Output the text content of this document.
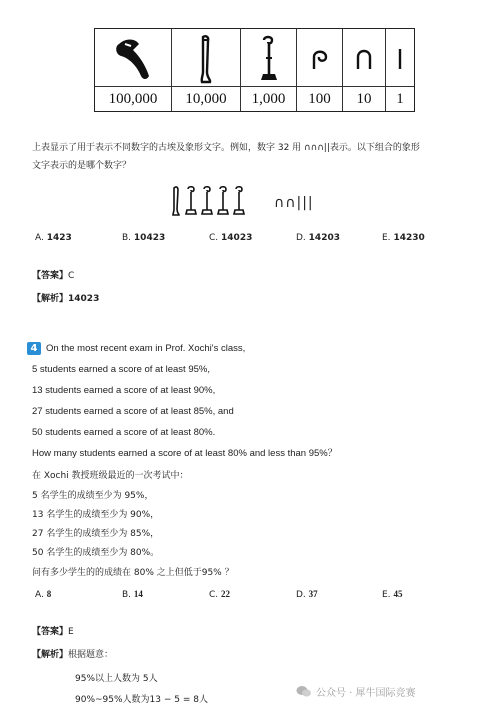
100,000	10,000	1,000	100	10	1
上表显示了用于表示不同数字的古埃及象形文字。例如，数字 32 用 ∩∩∩||表示。以下组合的象形
文字表示的是哪个数字？
∩∩|||
A. 1423	B. 10423	C. 14023	D. 14203	E. 14230
【答案】C
【解析】14023
4 On the most recent exam in Prof. Xochi's class,
5 students earned a score of at least 95%,
13 students earned a score of at least 90%,
27 students earned a score of at least 85%, and
50 students earned a score of at least 80%.
How many students earned a score of at least 80% and less than 95%？
在 Xochi 教授班级最近的一次考试中：
5 名学生的成绩至少为 95%，
13 名学生的成绩至少为 90%，
27 名学生的成绩至少为 85%，
50 名学生的成绩至少为 80%。
问有多少学生的的成绩在 80% 之上但低于95% ？
A. 8	B. 14	C. 22	D. 37	E. 45
【答案】E
【解析】根据题意：
95%以上人数为 5人
90%~95%人数为13 − 5 = 8人
公众号 · 犀牛国际竞赛
